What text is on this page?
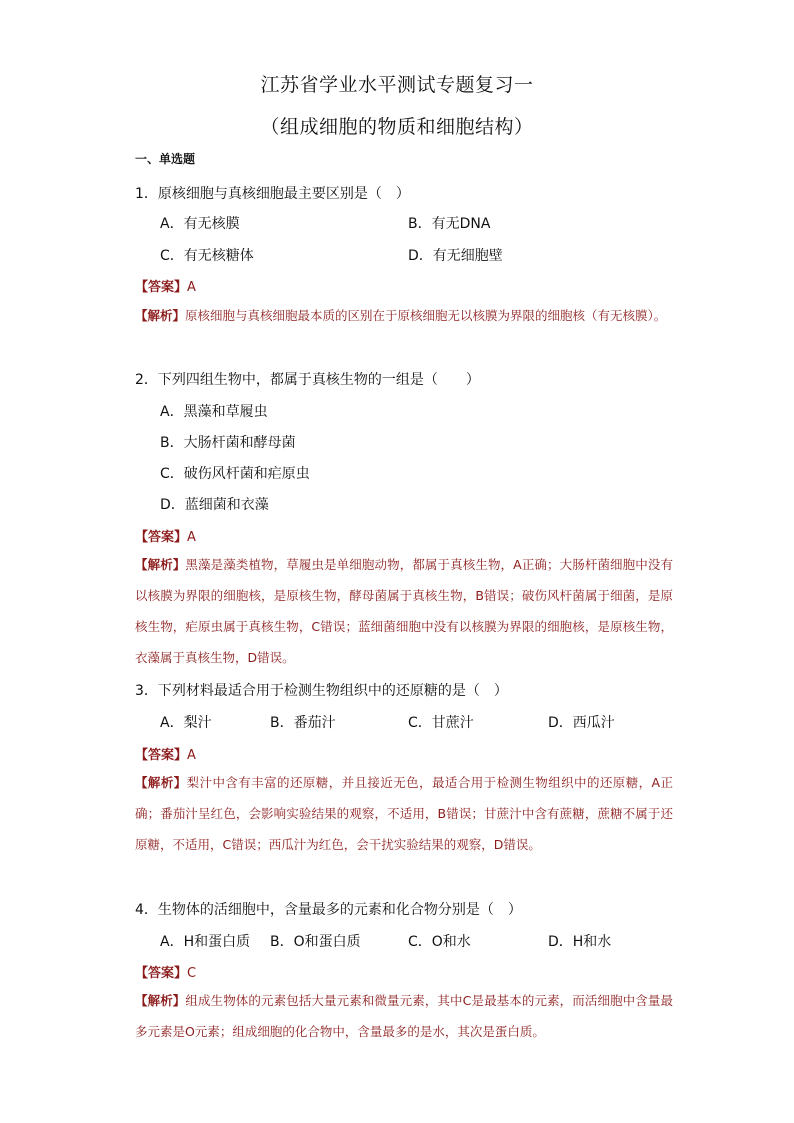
江苏省学业水平测试专题复习一
（组成细胞的物质和细胞结构）
一、单选题
1．原核细胞与真核细胞最主要区别是（　）
A．有无核膜	B．有无DNA
C．有无核糖体	D．有无细胞壁
【答案】A
【解析】原核细胞与真核细胞最本质的区别在于原核细胞无以核膜为界限的细胞核（有无核膜）。
2．下列四组生物中，都属于真核生物的一组是（　　）
A．黑藻和草履虫
B．大肠杆菌和酵母菌
C．破伤风杆菌和疟原虫
D．蓝细菌和衣藻
【答案】A
【解析】黑藻是藻类植物，草履虫是单细胞动物，都属于真核生物，A正确；大肠杆菌细胞中没有以核膜为界限的细胞核，是原核生物，酵母菌属于真核生物，B错误；破伤风杆菌属于细菌，是原核生物，疟原虫属于真核生物，C错误；蓝细菌细胞中没有以核膜为界限的细胞核，是原核生物，衣藻属于真核生物，D错误。
3．下列材料最适合用于检测生物组织中的还原糖的是（　）
A．梨汁	B．番茄汁	C．甘蔗汁	D．西瓜汁
【答案】A
【解析】梨汁中含有丰富的还原糖，并且接近无色，最适合用于检测生物组织中的还原糖，A正确；番茄汁呈红色，会影响实验结果的观察，不适用，B错误；甘蔗汁中含有蔗糖，蔗糖不属于还原糖，不适用，C错误；西瓜汁为红色，会干扰实验结果的观察，D错误。
4．生物体的活细胞中，含量最多的元素和化合物分别是（　）
A．H和蛋白质 B．O和蛋白质	C．O和水	D．H和水
【答案】C
【解析】组成生物体的元素包括大量元素和微量元素，其中C是最基本的元素，而活细胞中含量最多元素是O元素；组成细胞的化合物中，含量最多的是水，其次是蛋白质。
